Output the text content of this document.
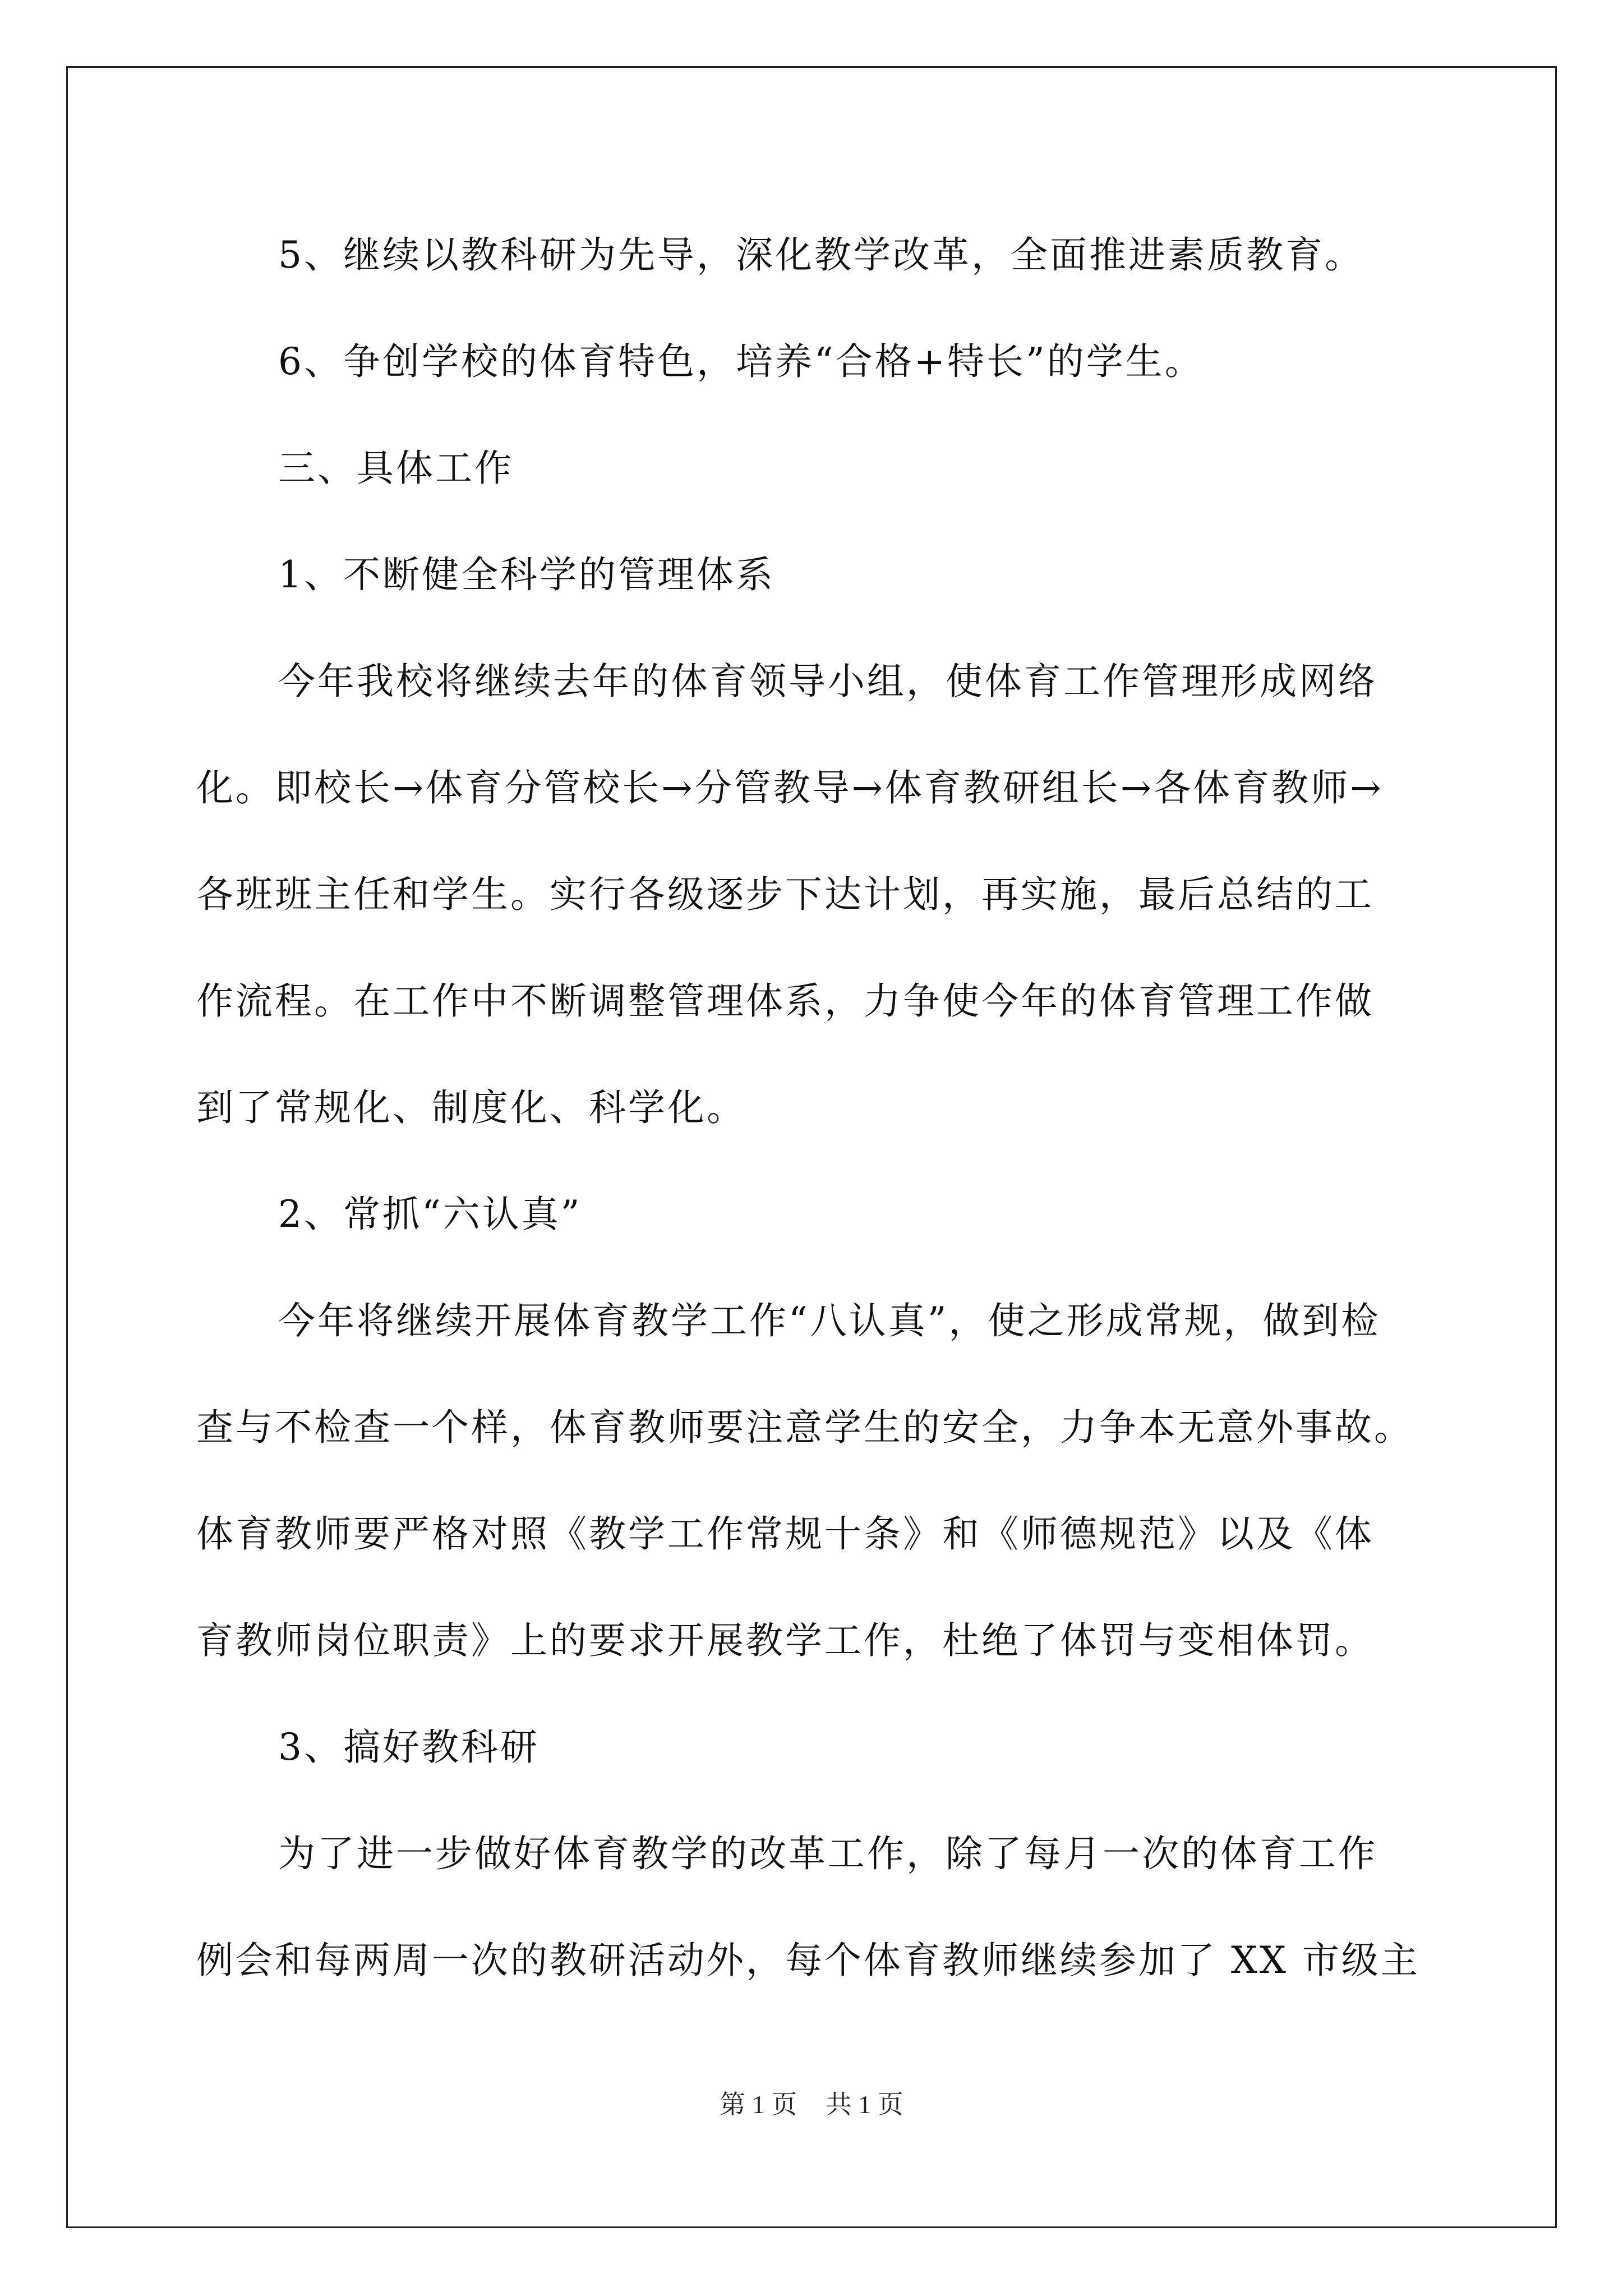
5、继续以教科研为先导，深化教学改革，全面推进素质教育。
6、争创学校的体育特色，培养“合格+特长”的学生。
三、具体工作
1、不断健全科学的管理体系
今年我校将继续去年的体育领导小组，使体育工作管理形成网络
化。即校长→体育分管校长→分管教导→体育教研组长→各体育教师→
各班班主任和学生。实行各级逐步下达计划，再实施，最后总结的工
作流程。在工作中不断调整管理体系，力争使今年的体育管理工作做
到了常规化、制度化、科学化。
2、常抓“六认真”
今年将继续开展体育教学工作“八认真”，使之形成常规，做到检
查与不检查一个样，体育教师要注意学生的安全，力争本无意外事故。
体育教师要严格对照《教学工作常规十条》和《师德规范》以及《体
育教师岗位职责》上的要求开展教学工作，杜绝了体罚与变相体罚。
3、搞好教科研
为了进一步做好体育教学的改革工作，除了每月一次的体育工作
例会和每两周一次的教研活动外，每个体育教师继续参加了 XX 市级主
第 1 页 共 1 页
